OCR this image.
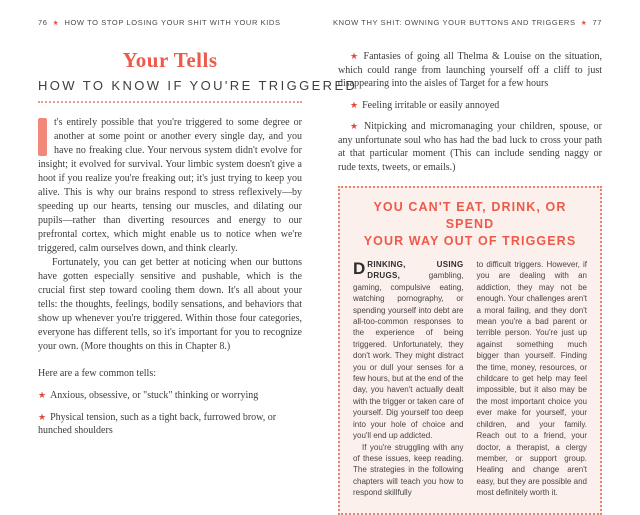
76 ★ HOW TO STOP LOSING YOUR SHIT WITH YOUR KIDS
Your Tells
HOW TO KNOW IF YOU'RE TRIGGERED

t's entirely possible that you're triggered to some degree or another at some point or another every single day, and you have no freaking clue. Your nervous system didn't evolve for insight; it evolved for survival. Your limbic system doesn't give a hoot if you realize you're freaking out; it's just trying to keep you alive. This is why our brains respond to stress reflexively—by speeding up our hearts, tensing our muscles, and dilating our pupils—rather than diverting resources and energy to our prefrontal cortex, which might enable us to notice when we're triggered, calm ourselves down, and think clearly.

Fortunately, you can get better at noticing when our buttons have gotten especially sensitive and pushable, which is the crucial first step toward cooling them down. It's all about your tells: the thoughts, feelings, bodily sensations, and behaviors that show up whenever you're triggered. Within those four categories, everyone has different tells, so it's important for you to recognize your own. (More thoughts on this in Chapter 8.)

Here are a few common tells:

★ Anxious, obsessive, or "stuck" thinking or worrying

★ Physical tension, such as a tight back, furrowed brow, or hunched shoulders

KNOW THY SHIT: OWNING YOUR BUTTONS AND TRIGGERS ★ 77

★ Fantasies of going all Thelma & Louise on the situation, which could range from launching yourself off a cliff to just disappearing into the aisles of Target for a few hours

★ Feeling irritable or easily annoyed

★ Nitpicking and micromanaging your children, spouse, or any unfortunate soul who has had the bad luck to cross your path at that particular moment (This can include sending naggy or rude texts, tweets, or emails.)

YOU CAN'T EAT, DRINK, OR SPEND
YOUR WAY OUT OF TRIGGERS

DRINKING, USING DRUGS, gambling, gaming, compulsive eating, watching pornography, or spending yourself into debt are all-too-common responses to the experience of being triggered. Unfortunately, they don't work. They might distract you or dull your senses for a few hours, but at the end of the day, you haven't actually dealt with the trigger or taken care of yourself. Dig yourself too deep into your hole of choice and you'll end up addicted.

If you're struggling with any of these issues, keep reading. The strategies in the following chapters will teach you how to respond skillfully

to difficult triggers. However, if you are dealing with an addiction, they may not be enough. Your challenges aren't a moral failing, and they don't mean you're a bad parent or terrible person. You're just up against something much bigger than yourself. Finding the time, money, resources, or childcare to get help may feel impossible, but it also may be the most important choice you ever make for yourself, your children, and your family. Reach out to a friend, your doctor, a therapist, a clergy member, or support group. Healing and change aren't easy, but they are possible and most definitely worth it.
